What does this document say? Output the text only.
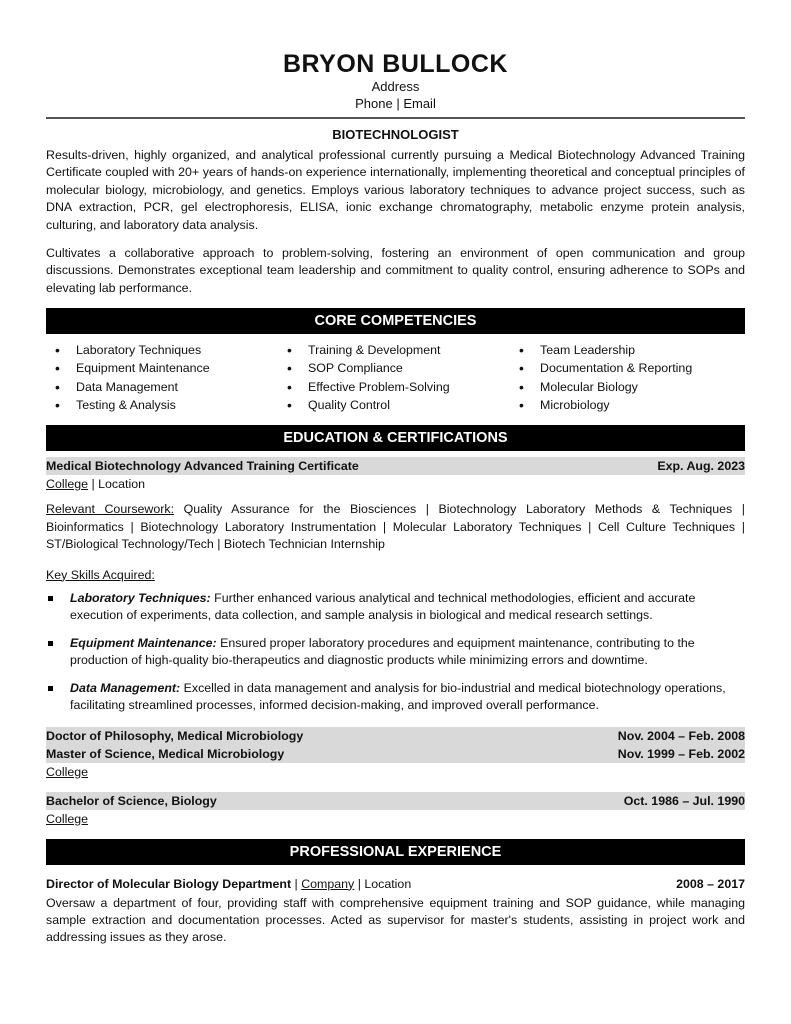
BRYON BULLOCK
Address
Phone | Email
BIOTECHNOLOGIST

Results-driven, highly organized, and analytical professional currently pursuing a Medical Biotechnology Advanced Training Certificate coupled with 20+ years of hands-on experience internationally, implementing theoretical and conceptual principles of molecular biology, microbiology, and genetics. Employs various laboratory techniques to advance project success, such as DNA extraction, PCR, gel electrophoresis, ELISA, ionic exchange chromatography, metabolic enzyme protein analysis, culturing, and laboratory data analysis.

Cultivates a collaborative approach to problem-solving, fostering an environment of open communication and group discussions. Demonstrates exceptional team leadership and commitment to quality control, ensuring adherence to SOPs and elevating lab performance.

CORE COMPETENCIES
• Laboratory Techniques
• Equipment Maintenance
• Data Management
• Testing & Analysis
• Training & Development
• SOP Compliance
• Effective Problem-Solving
• Quality Control
• Team Leadership
• Documentation & Reporting
• Molecular Biology
• Microbiology
EDUCATION & CERTIFICATIONS
Medical Biotechnology Advanced Training Certificate	Exp. Aug. 2023
College | Location

Relevant Coursework: Quality Assurance for the Biosciences | Biotechnology Laboratory Methods & Techniques | Bioinformatics | Biotechnology Laboratory Instrumentation | Molecular Laboratory Techniques | Cell Culture Techniques | ST/Biological Technology/Tech | Biotech Technician Internship

Key Skills Acquired:
Laboratory Techniques: Further enhanced various analytical and technical methodologies, efficient and accurate execution of experiments, data collection, and sample analysis in biological and medical research settings.
Equipment Maintenance: Ensured proper laboratory procedures and equipment maintenance, contributing to the production of high-quality bio-therapeutics and diagnostic products while minimizing errors and downtime.
Data Management: Excelled in data management and analysis for bio-industrial and medical biotechnology operations, facilitating streamlined processes, informed decision-making, and improved overall performance.
Doctor of Philosophy, Medical Microbiology	Nov. 2004 – Feb. 2008
Master of Science, Medical Microbiology	Nov. 1999 – Feb. 2002
College
Bachelor of Science, Biology	Oct. 1986 – Jul. 1990
College
PROFESSIONAL EXPERIENCE
Director of Molecular Biology Department | Company | Location	2008 – 2017

Oversaw a department of four, providing staff with comprehensive equipment training and SOP guidance, while managing sample extraction and documentation processes. Acted as supervisor for master's students, assisting in project work and addressing issues as they arose.
